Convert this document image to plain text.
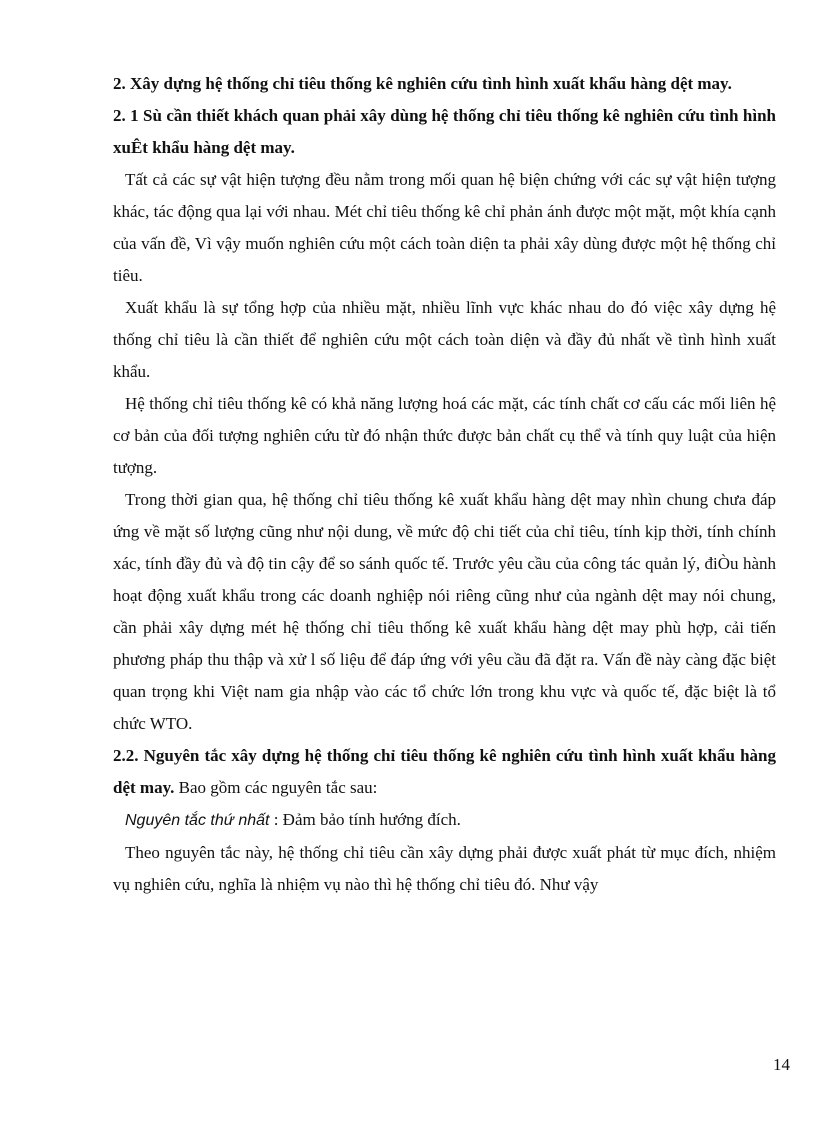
2. Xây dựng hệ thống chỉ tiêu thống kê nghiên cứu tình hình xuất khẩu hàng dệt may.

2. 1 Sù cần thiết khách quan phải xây dùng hệ thống chỉ tiêu thống kê nghiên cứu tình hình xuÊt khẩu hàng dệt may.

Tất cả các sự vật hiện tượng đều nằm trong mối quan hệ biện chứng với các sự vật hiện tượng khác, tác động qua lại với nhau. Mét chỉ tiêu thống kê chỉ phản ánh được một mặt, một khía cạnh của vấn đề, Vì vậy muốn nghiên cứu một cách toàn diện ta phải xây dùng được một hệ thống chỉ tiêu.

Xuất khẩu là sự tổng hợp của nhiều mặt, nhiều lĩnh vực khác nhau do đó việc xây dựng hệ thống chỉ tiêu là cần thiết để nghiên cứu một cách toàn diện và đầy đủ nhất về tình hình xuất khẩu.

Hệ thống chỉ tiêu thống kê có khả năng lượng hoá các mặt, các tính chất cơ cấu các mối liên hệ cơ bản của đối tượng nghiên cứu từ đó nhận thức được bản chất cụ thể và tính quy luật của hiện tượng.

Trong thời gian qua, hệ thống chỉ tiêu thống kê xuất khẩu hàng dệt may nhìn chung chưa đáp ứng về mặt số lượng cũng như nội dung, về mức độ chi tiết của chỉ tiêu, tính kịp thời, tính chính xác, tính đầy đủ và độ tin cậy để so sánh quốc tế. Trước yêu cầu của công tác quản lý, điÒu hành hoạt động xuất khẩu trong các doanh nghiệp nói riêng cũng như của ngành dệt may nói chung, cần phải xây dựng mét hệ thống chỉ tiêu thống kê xuất khẩu hàng dệt may phù hợp, cải tiến phương pháp thu thập và xử l số liệu để đáp ứng với yêu cầu đã đặt ra. Vấn đề này càng đặc biệt quan trọng khi Việt nam gia nhập vào các tổ chức lớn trong khu vực và quốc tế, đặc biệt là tổ chức WTO.

2.2. Nguyên tắc xây dựng hệ thống chỉ tiêu thống kê nghiên cứu tình hình xuất khẩu hàng dệt may. Bao gồm các nguyên tắc sau:

Nguyên tắc thứ nhất : Đảm bảo tính hướng đích.

Theo nguyên tắc này, hệ thống chỉ tiêu cần xây dựng phải được xuất phát từ mục đích, nhiệm vụ nghiên cứu, nghĩa là nhiệm vụ nào thì hệ thống chỉ tiêu đó. Như vậy

14
